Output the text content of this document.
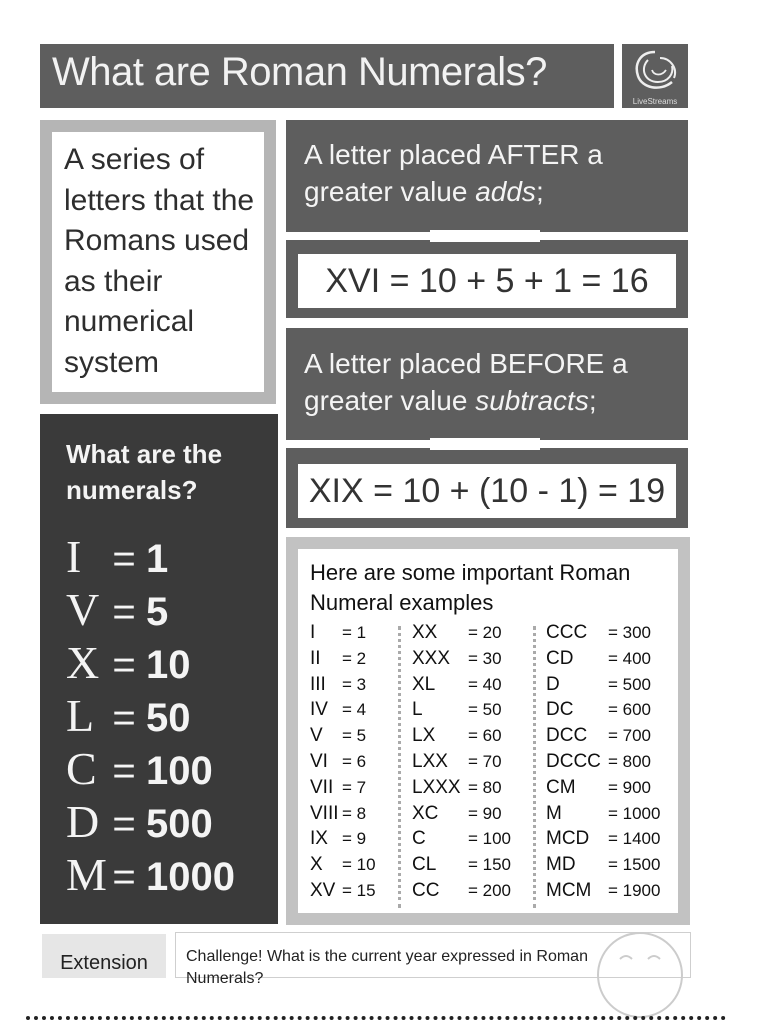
What are Roman Numerals?
LiveStreams
A series of letters that the Romans used as their numerical system
A letter placed AFTER a greater value adds;
XVI = 10 + 5 + 1 = 16
A letter placed BEFORE a greater value subtracts;
XIX = 10 + (10 - 1) = 19
What are the numerals?
I = 1
V = 5
X = 10
L = 50
C = 100
D = 500
M = 1000
Here are some important Roman Numeral examples
I = 1
II = 2
III = 3
IV = 4
V = 5
VI = 6
VII = 7
VIII = 8
IX = 9
X = 10
XV = 15
XX = 20
XXX = 30
XL = 40
L	= 50
LX = 60
LXX = 70
LXXX = 80
XC = 90
C = 100
CL = 150
CC = 200
CCC = 300
CD = 400
D	= 500
DC = 600
DCC = 700
DCCC = 800
CM = 900
M	= 1000
MCD = 1400
MD = 1500
MCM = 1900
Extension	Challenge! What is the current year expressed in Roman Numerals?
